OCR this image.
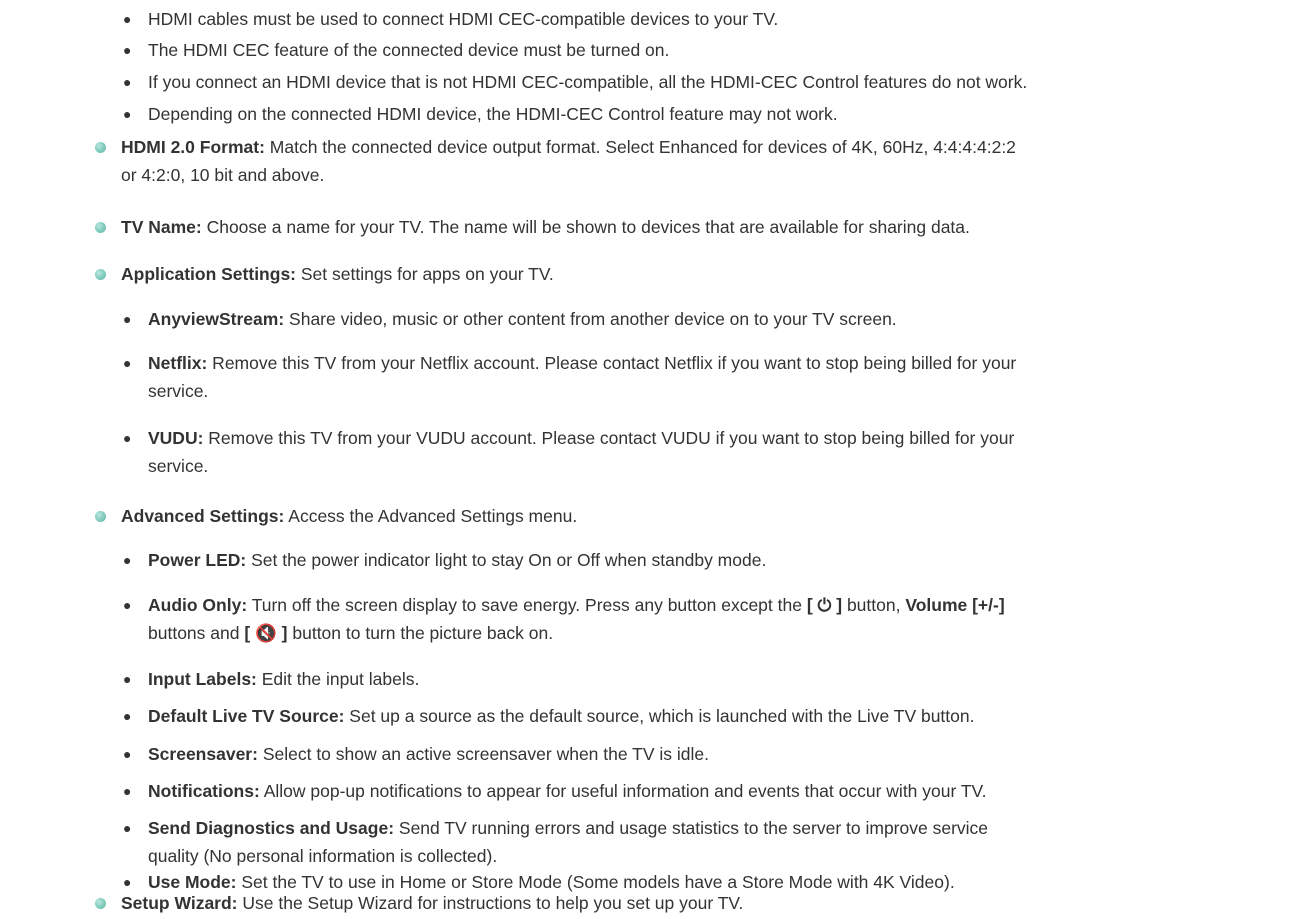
● HDMI cables must be used to connect HDMI CEC-compatible devices to your TV.
● The HDMI CEC feature of the connected device must be turned on.
● If you connect an HDMI device that is not HDMI CEC-compatible, all the HDMI-CEC Control features do not work.
● Depending on the connected HDMI device, the HDMI-CEC Control feature may not work.
HDMI 2.0 Format: Match the connected device output format. Select Enhanced for devices of 4K, 60Hz, 4:4:4:4:2:2
or 4:2:0, 10 bit and above.
TV Name: Choose a name for your TV. The name will be shown to devices that are available for sharing data.
Application Settings: Set settings for apps on your TV.
● AnyviewStream: Share video, music or other content from another device on to your TV screen.
● Netflix: Remove this TV from your Netflix account. Please contact Netflix if you want to stop being billed for your
service.
● VUDU: Remove this TV from your VUDU account. Please contact VUDU if you want to stop being billed for your
service.
Advanced Settings: Access the Advanced Settings menu.
● Power LED: Set the power indicator light to stay On or Off when standby mode.
● Audio Only: Turn off the screen display to save energy. Press any button except the [ ⏻ ] button, Volume [+/-]
buttons and [ 🔇 ] button to turn the picture back on.
● Input Labels: Edit the input labels.
● Default Live TV Source: Set up a source as the default source, which is launched with the Live TV button.
● Screensaver: Select to show an active screensaver when the TV is idle.
● Notifications: Allow pop-up notifications to appear for useful information and events that occur with your TV.
● Send Diagnostics and Usage: Send TV running errors and usage statistics to the server to improve service
quality (No personal information is collected).
● Use Mode: Set the TV to use in Home or Store Mode (Some models have a Store Mode with 4K Video).
Setup Wizard: Use the Setup Wizard for instructions to help you set up your TV.
